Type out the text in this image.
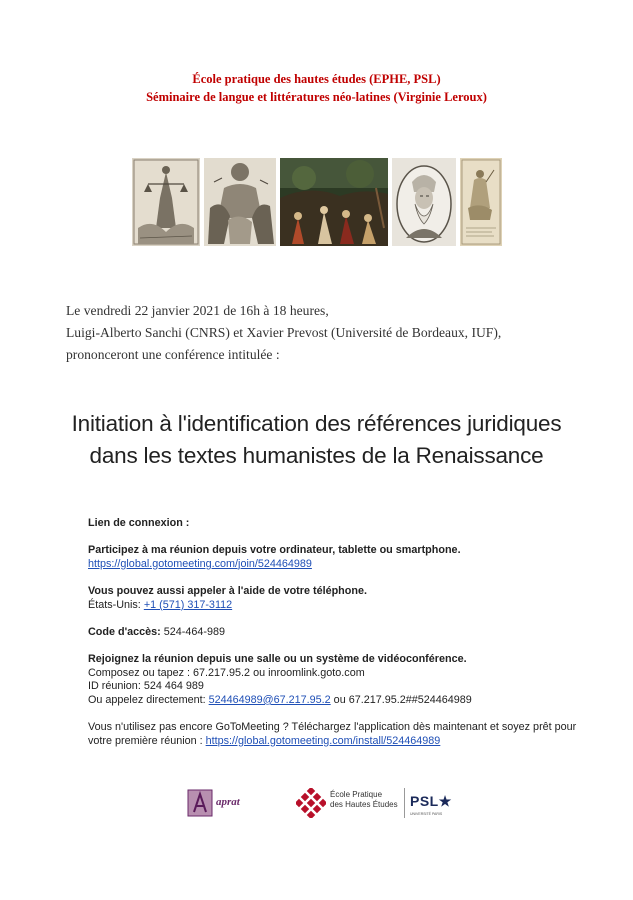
École pratique des hautes études (EPHE, PSL)
Séminaire de langue et littératures néo-latines (Virginie Leroux)
Le vendredi 22 janvier 2021 de 16h à 18 heures,
Luigi-Alberto Sanchi (CNRS) et Xavier Prevost (Université de Bordeaux, IUF),
prononceront une conférence intitulée :
Initiation à l'identification des références juridiques
dans les textes humanistes de la Renaissance

Lien de connexion :

Participez à ma réunion depuis votre ordinateur, tablette ou smartphone.
https://global.gotomeeting.com/join/524464989

Vous pouvez aussi appeler à l'aide de votre téléphone.
États-Unis: +1 (571) 317-3112

Code d'accès: 524-464-989

Rejoignez la réunion depuis une salle ou un système de vidéoconférence.
Composez ou tapez : 67.217.95.2 ou inroomlink.goto.com
ID réunion: 524 464 989
Ou appelez directement: 524464989@67.217.95.2 ou 67.217.95.2##524464989

Vous n'utilisez pas encore GoToMeeting ? Téléchargez l'application dès maintenant et soyez prêt pour votre première réunion : https://global.gotomeeting.com/install/524464989

aprat
École Pratique
des Hautes Études PSL★
UNIVERSITÉ PARIS
